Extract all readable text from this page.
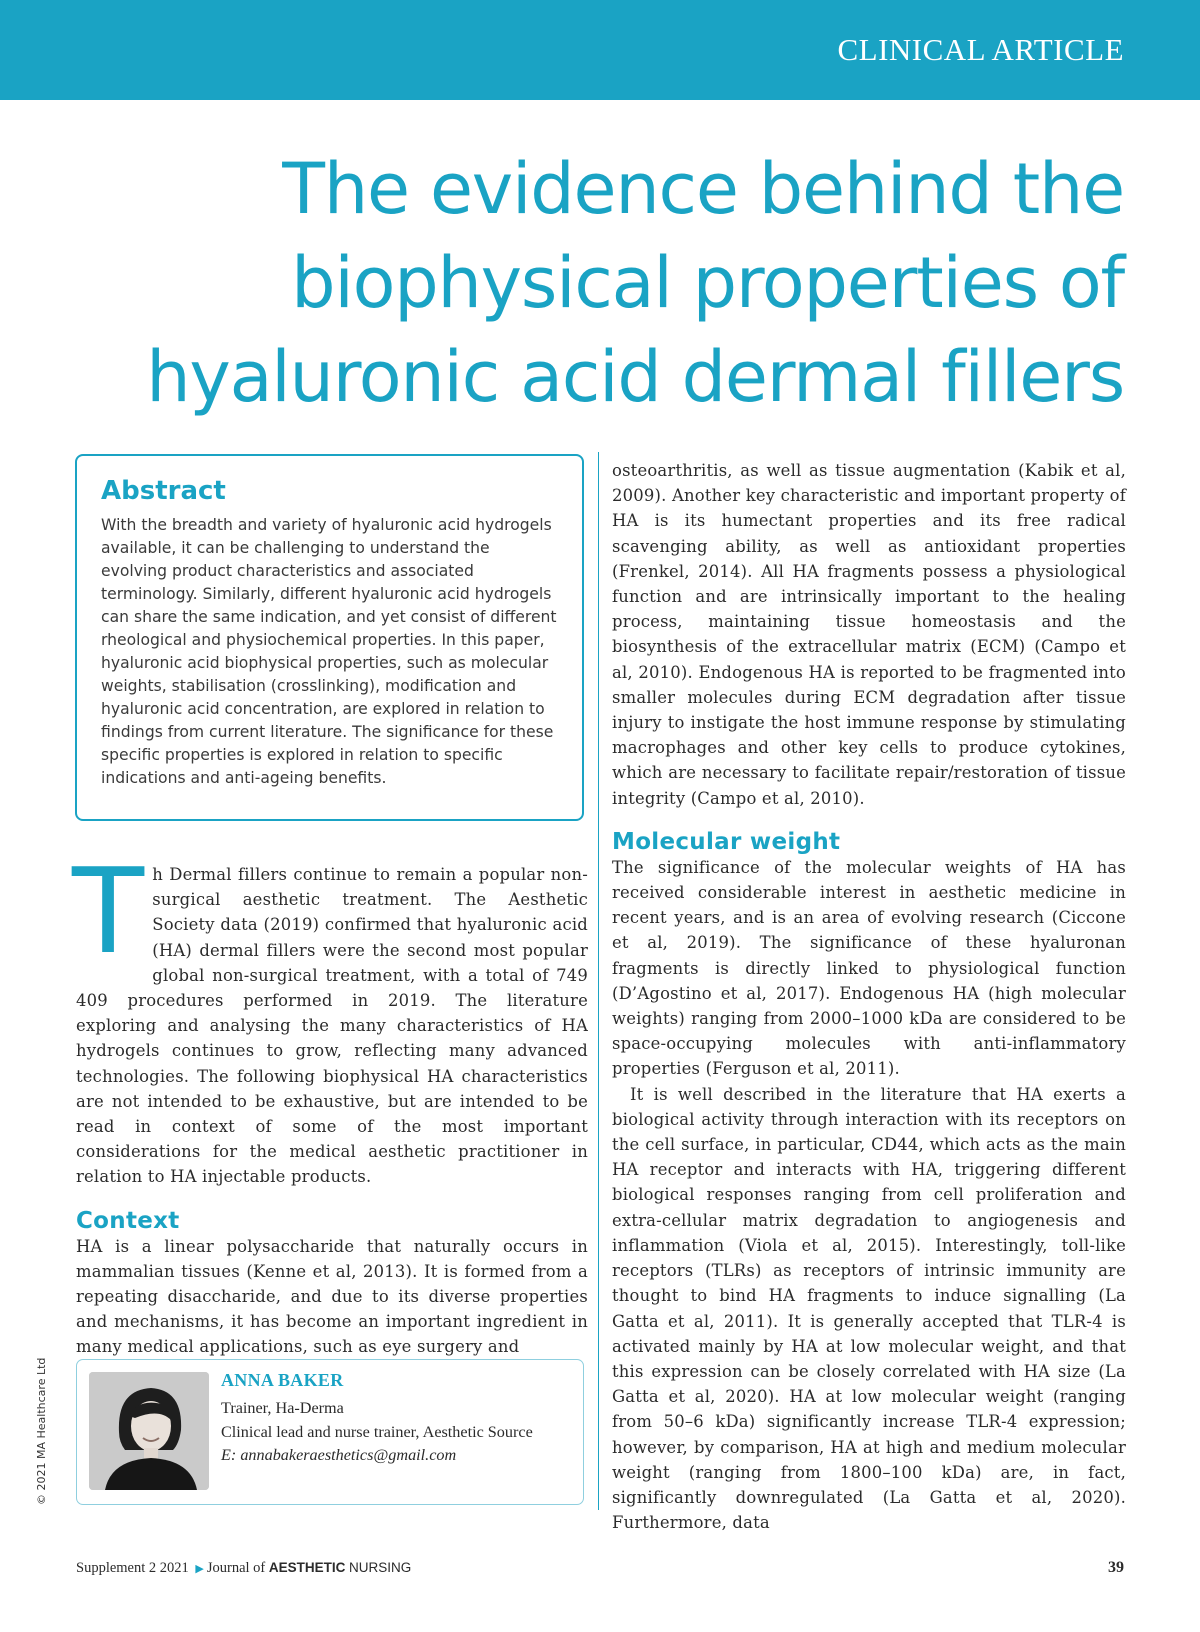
CLINICAL ARTICLE
The evidence behind the
biophysical properties of
hyaluronic acid dermal fillers
Abstract

With the breadth and variety of hyaluronic acid hydrogels available, it can be challenging to understand the evolving product characteristics and associated terminology. Similarly, different hyaluronic acid hydrogels can share the same indication, and yet consist of different rheological and physiochemical properties. In this paper, hyaluronic acid biophysical properties, such as molecular weights, stabilisation (crosslinking), modification and hyaluronic acid concentration, are explored in relation to findings from current literature. The significance for these specific properties is explored in relation to specific indications and anti-ageing benefits.

Th Dermal fillers continue to remain a popular non-surgical aesthetic treatment. The Aesthetic Society data (2019) confirmed that hyaluronic acid (HA) dermal fillers were the second most popular global non-surgical treatment, with a total of 749 409 procedures performed in 2019. The literature exploring and analysing the many characteristics of HA hydrogels continues to grow, reflecting many advanced technologies. The following biophysical HA characteristics are not intended to be exhaustive, but are intended to be read in context of some of the most important considerations for the medical aesthetic practitioner in relation to HA injectable products.

Context

HA is a linear polysaccharide that naturally occurs in mammalian tissues (Kenne et al, 2013). It is formed from a repeating disaccharide, and due to its diverse properties and mechanisms, it has become an important ingredient in many medical applications, such as eye surgery and

osteoarthritis, as well as tissue augmentation (Kabik et al, 2009). Another key characteristic and important property of HA is its humectant properties and its free radical scavenging ability, as well as antioxidant properties (Frenkel, 2014). All HA fragments possess a physiological function and are intrinsically important to the healing process, maintaining tissue homeostasis and the biosynthesis of the extracellular matrix (ECM) (Campo et al, 2010). Endogenous HA is reported to be fragmented into smaller molecules during ECM degradation after tissue injury to instigate the host immune response by stimulating macrophages and other key cells to produce cytokines, which are necessary to facilitate repair/restoration of tissue integrity (Campo et al, 2010).

Molecular weight

The significance of the molecular weights of HA has received considerable interest in aesthetic medicine in recent years, and is an area of evolving research (Ciccone et al, 2019). The significance of these hyaluronan fragments is directly linked to physiological function (D’Agostino et al, 2017). Endogenous HA (high molecular weights) ranging from 2000–1000 kDa are considered to be space-occupying molecules with anti-inflammatory properties (Ferguson et al, 2011).

It is well described in the literature that HA exerts a biological activity through interaction with its receptors on the cell surface, in particular, CD44, which acts as the main HA receptor and interacts with HA, triggering different biological responses ranging from cell proliferation and extra-cellular matrix degradation to angiogenesis and inflammation (Viola et al, 2015). Interestingly, toll-like receptors (TLRs) as receptors of intrinsic immunity are thought to bind HA fragments to induce signalling (La Gatta et al, 2011). It is generally accepted that TLR-4 is activated mainly by HA at low molecular weight, and that this expression can be closely correlated with HA size (La Gatta et al, 2020). HA at low molecular weight (ranging from 50–6 kDa) significantly increase TLR-4 expression; however, by comparison, HA at high and medium molecular weight (ranging from 1800–100 kDa) are, in fact, significantly downregulated (La Gatta et al, 2020). Furthermore, data

ANNA BAKER

Trainer, Ha-Derma

Clinical lead and nurse trainer, Aesthetic Source

E: annabakeraesthetics@gmail.com

© 2021 MA Healthcare Ltd
Supplement 2 2021 ▶ Journal of AESTHETIC NURSING	39
